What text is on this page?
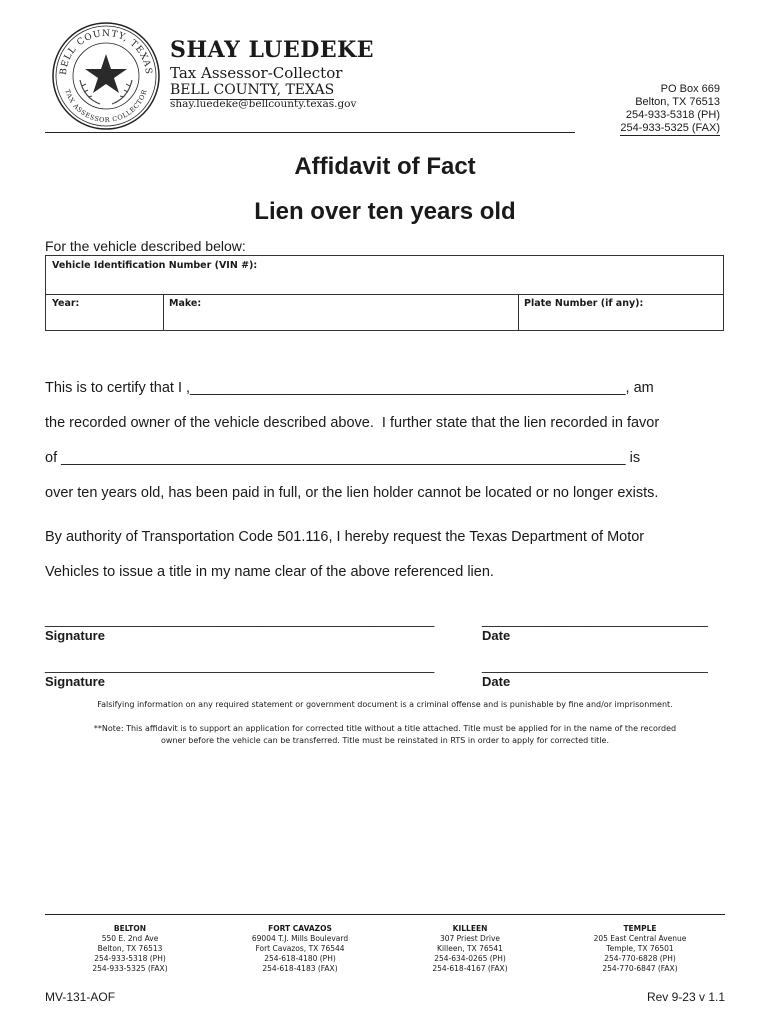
BELL COUNTY, TEXAS
TAX ASSESSOR COLLECTOR
SHAY LUEDEKE
Tax Assessor-Collector
BELL COUNTY, TEXAS
shay.luedeke@bellcounty.texas.gov
PO Box 669
Belton, TX 76513
254-933-5318 (PH)
254-933-5325 (FAX)
Affidavit of Fact
Lien over ten years old
For the vehicle described below:
Vehicle Identification Number (VIN #):
Year:	Make:	Plate Number (if any):
This is to certify that I ,______________________________________________________, am
the recorded owner of the vehicle described above.  I further state that the lien recorded in favor
of ______________________________________________________________________ is
over ten years old, has been paid in full, or the lien holder cannot be located or no longer exists.
By authority of Transportation Code 501.116, I hereby request the Texas Department of Motor
Vehicles to issue a title in my name clear of the above referenced lien.
__________________________________________________	_____________________________
Signature	Date
__________________________________________________	_____________________________
Signature	Date
Falsifying information on any required statement or government document is a criminal offense and is punishable by fine and/or imprisonment.
**Note: This affidavit is to support an application for corrected title without a title attached. Title must be applied for in the name of the recorded
owner before the vehicle can be transferred. Title must be reinstated in RTS in order to apply for corrected title.
BELTON
550 E. 2nd Ave
Belton, TX 76513
254-933-5318 (PH)
254-933-5325 (FAX)
FORT CAVAZOS
69004 T.J. Mills Boulevard
Fort Cavazos, TX 76544
254-618-4180 (PH)
254-618-4183 (FAX)
KILLEEN
307 Priest Drive
Killeen, TX 76541
254-634-0265 (PH)
254-618-4167 (FAX)
TEMPLE
205 East Central Avenue
Temple, TX 76501
254-770-6828 (PH)
254-770-6847 (FAX)
MV-131-AOF	Rev 9-23 v 1.1
